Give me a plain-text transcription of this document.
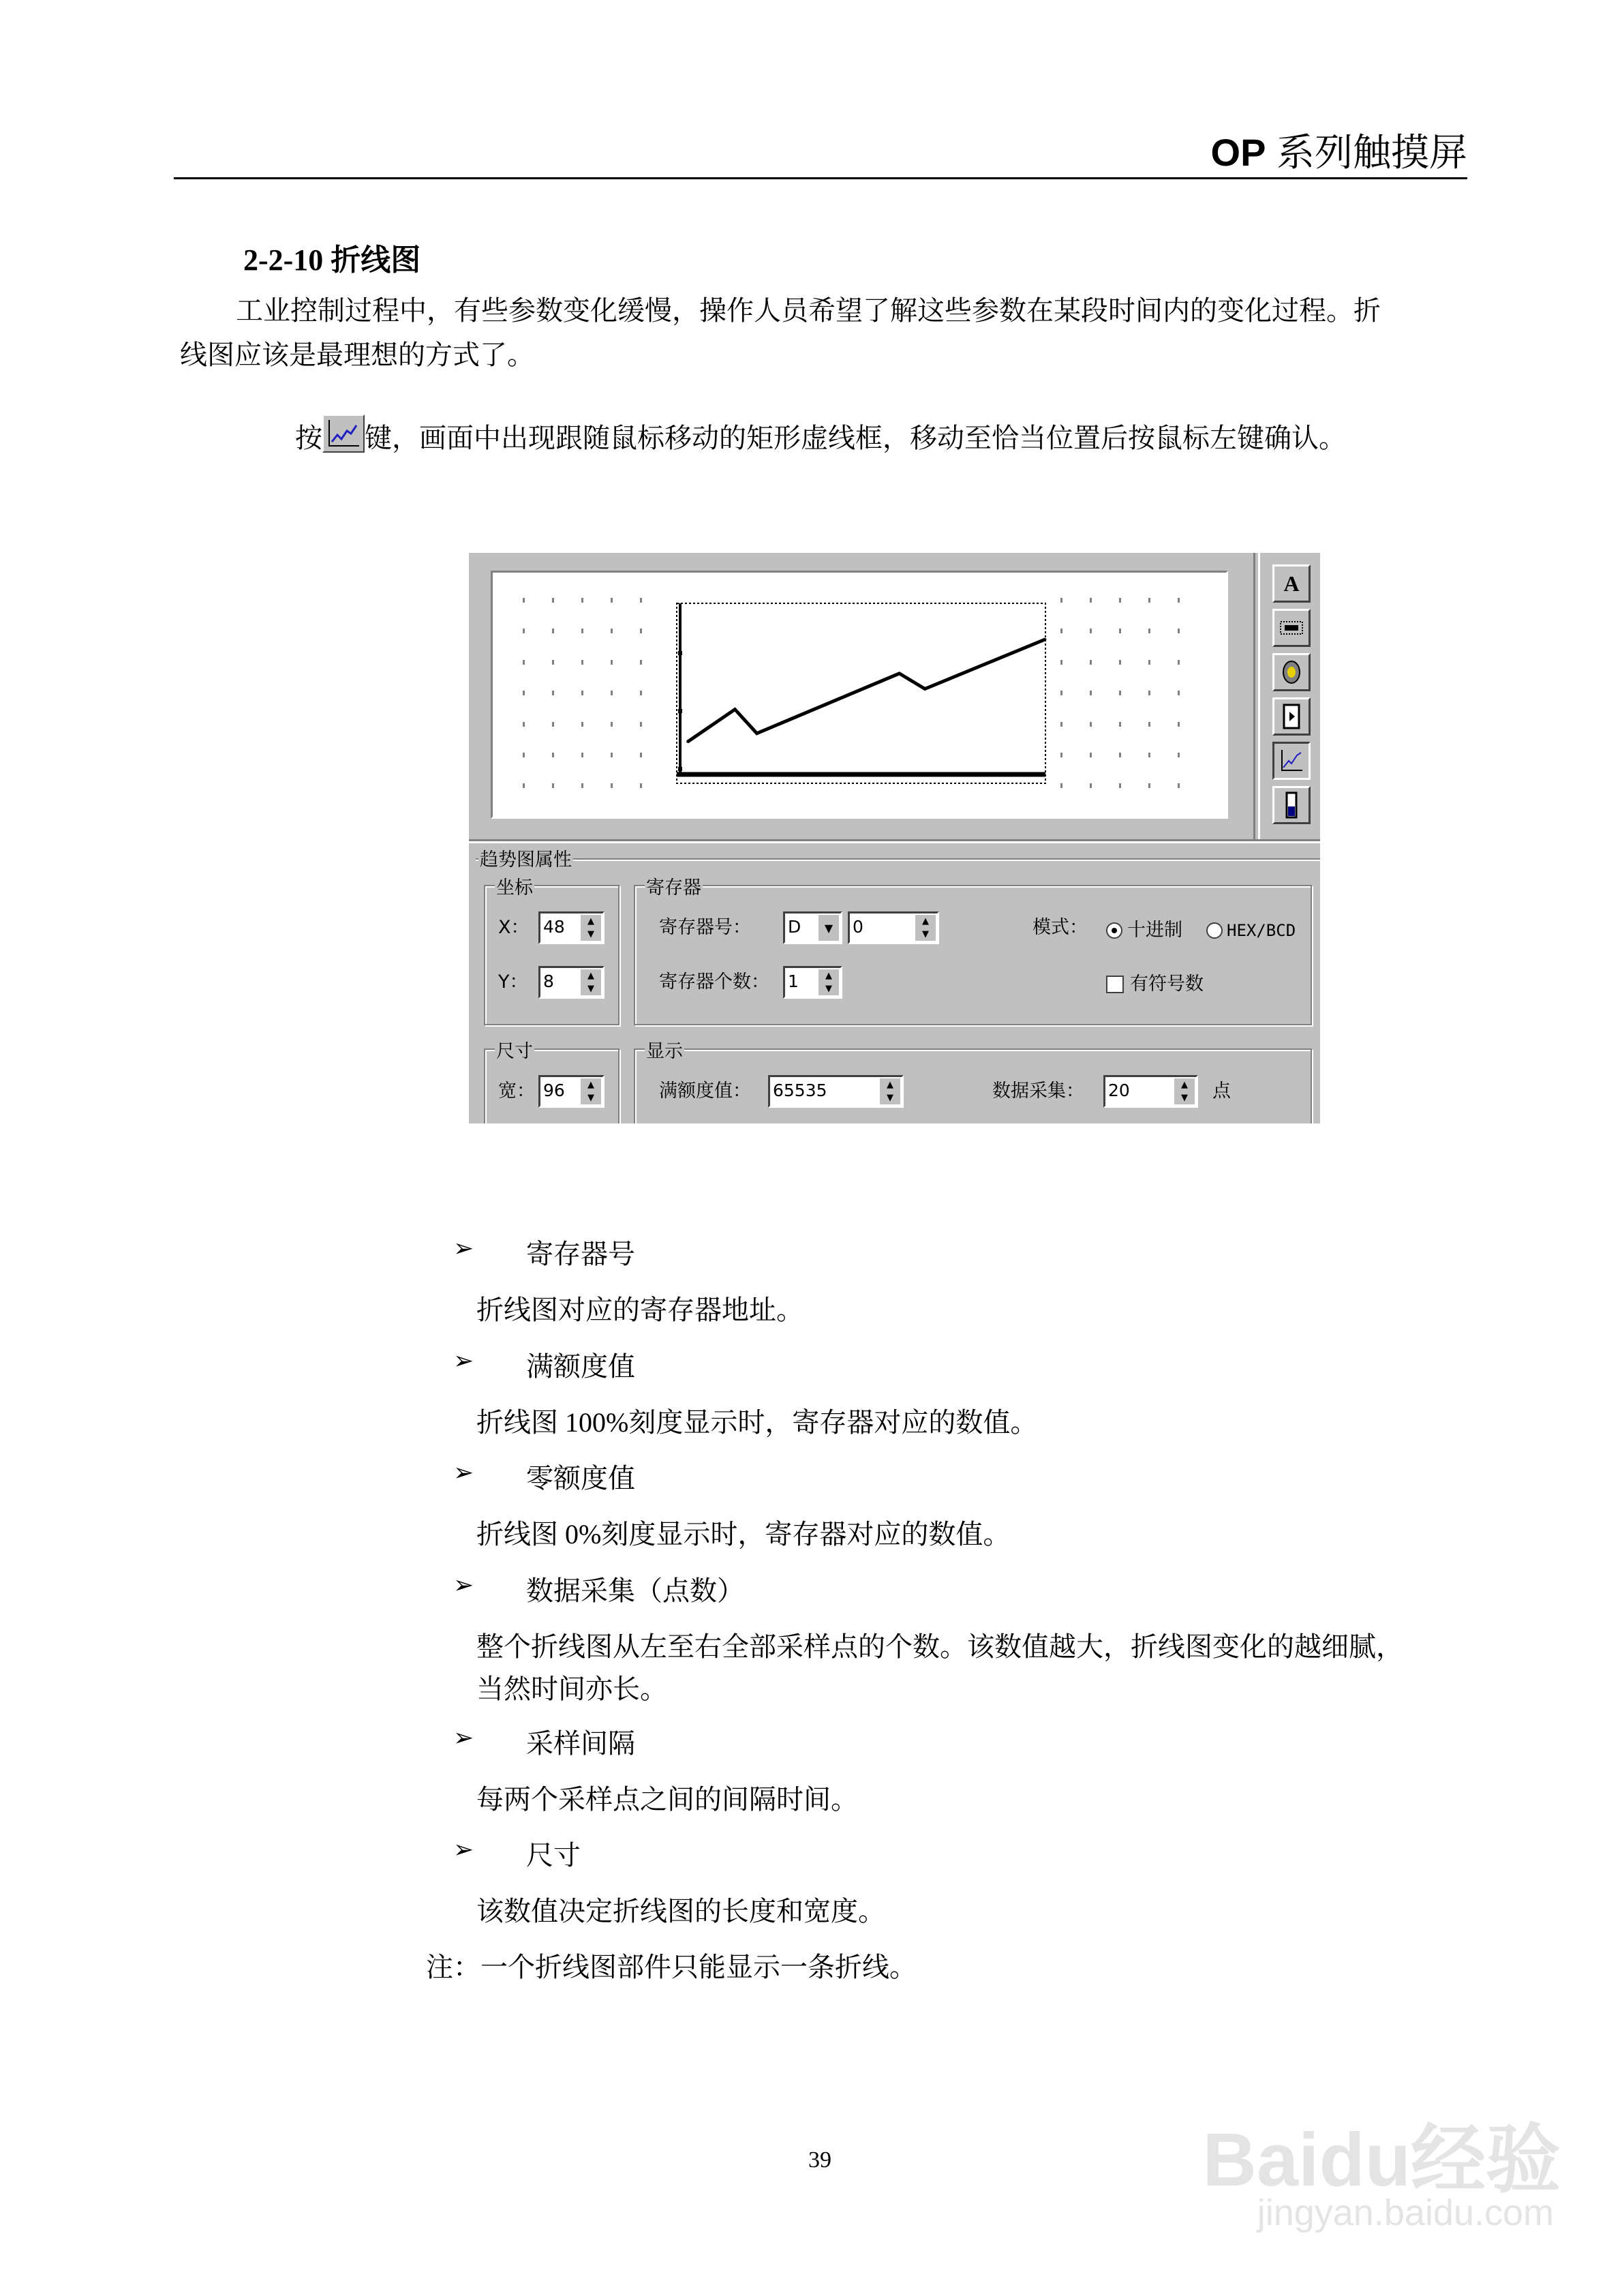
OP 系列触摸屏
2-2-10 折线图
工业控制过程中，有些参数变化缓慢，操作人员希望了解这些参数在某段时间内的变化过程。折
线图应该是最理想的方式了。
按 键，画面中出现跟随鼠标移动的矩形虚线框，移动至恰当位置后按鼠标左键确认。
A
趋势图属性
坐标
X： 48	▲
▼
Y： 8	▲
▼
寄存器
寄存器号： D	▼	0	▲
▼
寄存器个数： 1	▲
▼
模式： 十进制	HEX/BCD
有符号数
尺寸
宽： 96	▲
▼
显示
满额度值： 65535	▲
▼	数据采集： 20	▲
▼	点
➢ 寄存器号
折线图对应的寄存器地址。
➢ 满额度值
折线图 100%刻度显示时，寄存器对应的数值。
➢ 零额度值
折线图 0%刻度显示时，寄存器对应的数值。
➢ 数据采集（点数）
整个折线图从左至右全部采样点的个数。该数值越大，折线图变化的越细腻，
当然时间亦长。
➢ 采样间隔
每两个采样点之间的间隔时间。
➢ 尺寸
该数值决定折线图的长度和宽度。
注：一个折线图部件只能显示一条折线。
39	Baidu经验
jingyan.baidu.com
